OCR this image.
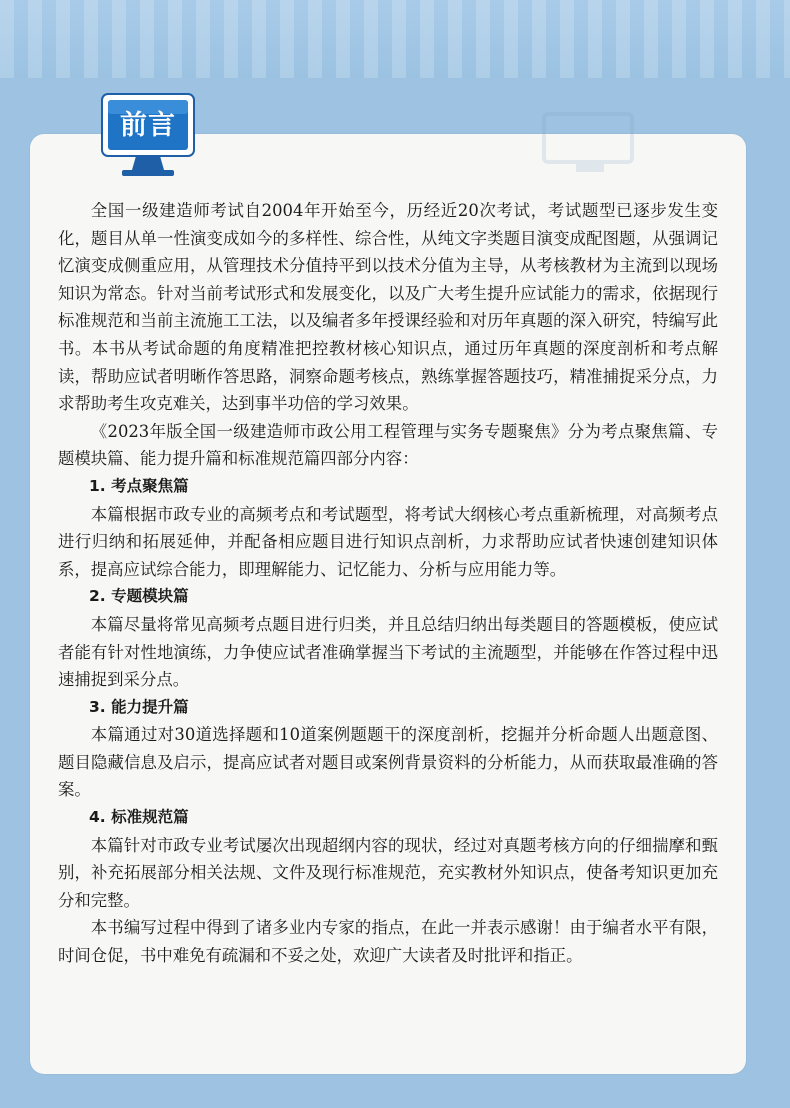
前言

全国一级建造师考试自2004年开始至今，历经近20次考试，考试题型已逐步发生变化，题目从单一性演变成如今的多样性、综合性，从纯文字类题目演变成配图题，从强调记忆演变成侧重应用，从管理技术分值持平到以技术分值为主导，从考核教材为主流到以现场知识为常态。针对当前考试形式和发展变化，以及广大考生提升应试能力的需求，依据现行标准规范和当前主流施工工法，以及编者多年授课经验和对历年真题的深入研究，特编写此书。本书从考试命题的角度精准把控教材核心知识点，通过历年真题的深度剖析和考点解读，帮助应试者明晰作答思路，洞察命题考核点，熟练掌握答题技巧，精准捕捉采分点，力求帮助考生攻克难关，达到事半功倍的学习效果。

《2023年版全国一级建造师市政公用工程管理与实务专题聚焦》分为考点聚焦篇、专题模块篇、能力提升篇和标准规范篇四部分内容：

1. 考点聚焦篇

本篇根据市政专业的高频考点和考试题型，将考试大纲核心考点重新梳理，对高频考点进行归纳和拓展延伸，并配备相应题目进行知识点剖析，力求帮助应试者快速创建知识体系，提高应试综合能力，即理解能力、记忆能力、分析与应用能力等。

2. 专题模块篇

本篇尽量将常见高频考点题目进行归类，并且总结归纳出每类题目的答题模板，使应试者能有针对性地演练，力争使应试者准确掌握当下考试的主流题型，并能够在作答过程中迅速捕捉到采分点。

3. 能力提升篇

本篇通过对30道选择题和10道案例题题干的深度剖析，挖掘并分析命题人出题意图、题目隐藏信息及启示，提高应试者对题目或案例背景资料的分析能力，从而获取最准确的答案。

4. 标准规范篇

本篇针对市政专业考试屡次出现超纲内容的现状，经过对真题考核方向的仔细揣摩和甄别，补充拓展部分相关法规、文件及现行标准规范，充实教材外知识点，使备考知识更加充分和完整。

本书编写过程中得到了诸多业内专家的指点，在此一并表示感谢！由于编者水平有限，时间仓促，书中难免有疏漏和不妥之处，欢迎广大读者及时批评和指正。
